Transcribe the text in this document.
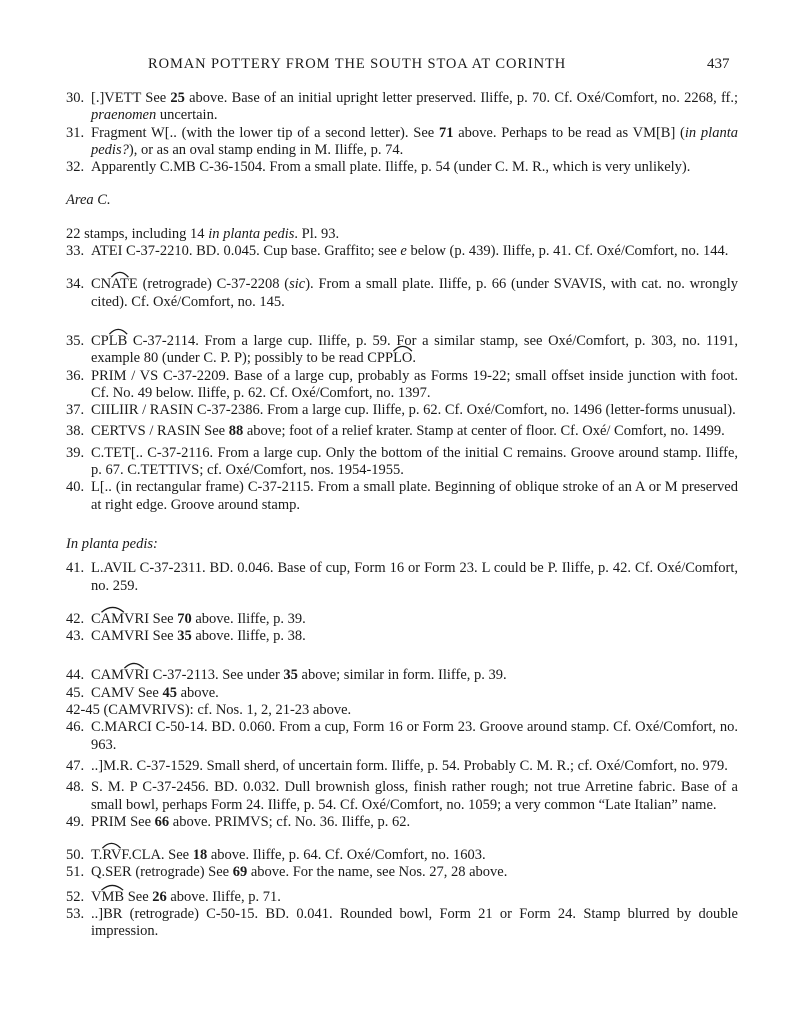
ROMAN POTTERY FROM THE SOUTH STOA AT CORINTH	437
30. [.]VETT See 25 above. Base of an initial upright letter preserved. Iliffe, p. 70. Cf. Oxé/Comfort, no. 2268, ff.; praenomen uncertain.
31. Fragment W[.. (with the lower tip of a second letter). See 71 above. Perhaps to be read as VM[B] (in planta pedis?), or as an oval stamp ending in M. Iliffe, p. 74.
32. Apparently C.MB C-36-1504. From a small plate. Iliffe, p. 54 (under C. M. R., which is very unlikely).
Area C.
22 stamps, including 14 in planta pedis. Pl. 93.
33. ATEI C-37-2210. BD. 0.045. Cup base. Graffito; see e below (p. 439). Iliffe, p. 41. Cf. Oxé/Comfort, no. 144.
34. CNAT
E (retrograde) C-37-2208 (sic). From a small plate. Iliffe, p. 66 (under SVAVIS, with cat. no. wrongly cited). Cf. Oxé/Comfort, no. 145.
35. CPLB
C-37-2114. From a large cup. Iliffe, p. 59. For a similar stamp, see Oxé/Comfort, p. 303, no. 1191, example 80 (under C. P. P); possibly to be read CPPLO
.
36. PRIM / VS C-37-2209. Base of a large cup, probably as Forms 19-22; small offset inside junction with foot. Cf. No. 49 below. Iliffe, p. 62. Cf. Oxé/Comfort, no. 1397.
37. CIILIIR / RASIN C-37-2386. From a large cup. Iliffe, p. 62. Cf. Oxé/Comfort, no. 1496 (letter-forms unusual).
38. CERTVS / RASIN See 88 above; foot of a relief krater. Stamp at center of floor. Cf. Oxé/ Comfort, no. 1499.
39. C.TET[.. C-37-2116. From a large cup. Only the bottom of the initial C remains. Groove around stamp. Iliffe, p. 67. C.TETTIVS; cf. Oxé/Comfort, nos. 1954-1955.
40. L[.. (in rectangular frame) C-37-2115. From a small plate. Beginning of oblique stroke of an A or M preserved at right edge. Groove around stamp.
In planta pedis:
41. L.AVIL C-37-2311. BD. 0.046. Base of cup, Form 16 or Form 23. L could be P. Iliffe, p. 42. Cf. Oxé/Comfort, no. 259.
42. CAM
VRI See 70 above. Iliffe, p. 39.
43. CAMVRI See 35 above. Iliffe, p. 38.
44. CAMVR
I C-37-2113. See under 35 above; similar in form. Iliffe, p. 39.
45. CAMV See 45 above.
42-45 (CAMVRIVS): cf. Nos. 1, 2, 21-23 above.
46. C.MARCI C-50-14. BD. 0.060. From a cup, Form 16 or Form 23. Groove around stamp. Cf. Oxé/Comfort, no. 963.
47. ..]M.R. C-37-1529. Small sherd, of uncertain form. Iliffe, p. 54. Probably C. M. R.; cf. Oxé/Comfort, no. 979.
48. S. M. P C-37-2456. BD. 0.032. Dull brownish gloss, finish rather rough; not true Arretine fabric. Base of a small bowl, perhaps Form 24. Iliffe, p. 54. Cf. Oxé/Comfort, no. 1059; a very common “Late Italian” name.
49. PRIM See 66 above. PRIMVS; cf. No. 36. Iliffe, p. 62.
50. T.RV
F.CLA. See 18 above. Iliffe, p. 64. Cf. Oxé/Comfort, no. 1603.
51. Q.SER (retrograde) See 69 above. For the name, see Nos. 27, 28 above.
52. VMB
See 26 above. Iliffe, p. 71.
53. ..]BR (retrograde) C-50-15. BD. 0.041. Rounded bowl, Form 21 or Form 24. Stamp blurred by double impression.
